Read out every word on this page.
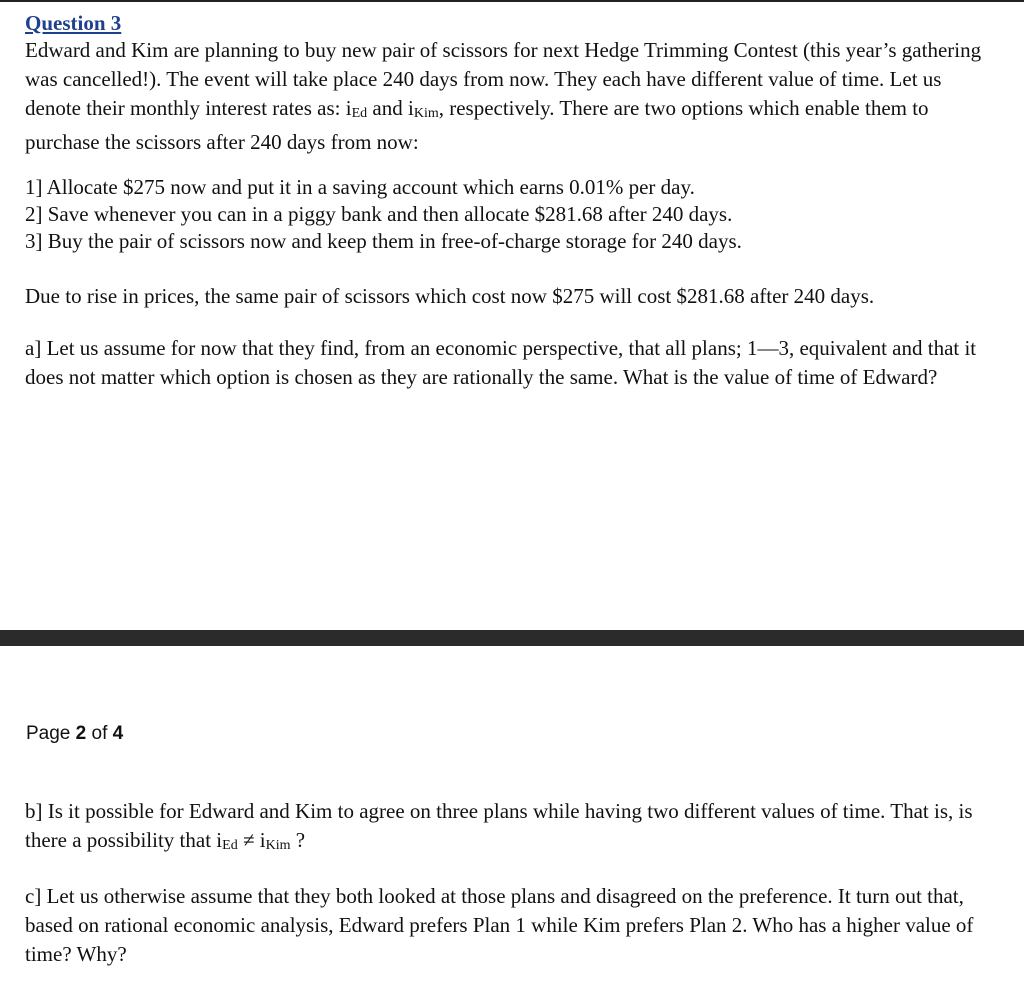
Question 3
Edward and Kim are planning to buy new pair of scissors for next Hedge Trimming Contest (this year’s gathering was cancelled!). The event will take place 240 days from now. They each have different value of time. Let us denote their monthly interest rates as: iEd and iKim, respectively. There are two options which enable them to purchase the scissors after 240 days from now:
1] Allocate $275 now and put it in a saving account which earns 0.01% per day.
2] Save whenever you can in a piggy bank and then allocate $281.68 after 240 days.
3] Buy the pair of scissors now and keep them in free-of-charge storage for 240 days.
Due to rise in prices, the same pair of scissors which cost now $275 will cost $281.68 after 240 days.
a] Let us assume for now that they find, from an economic perspective, that all plans; 1—3, equivalent and that it does not matter which option is chosen as they are rationally the same. What is the value of time of Edward?
Page 2 of 4
b] Is it possible for Edward and Kim to agree on three plans while having two different values of time. That is, is there a possibility that iEd ≠ iKim ?
c] Let us otherwise assume that they both looked at those plans and disagreed on the preference. It turn out that, based on rational economic analysis, Edward prefers Plan 1 while Kim prefers Plan 2. Who has a higher value of time? Why?
